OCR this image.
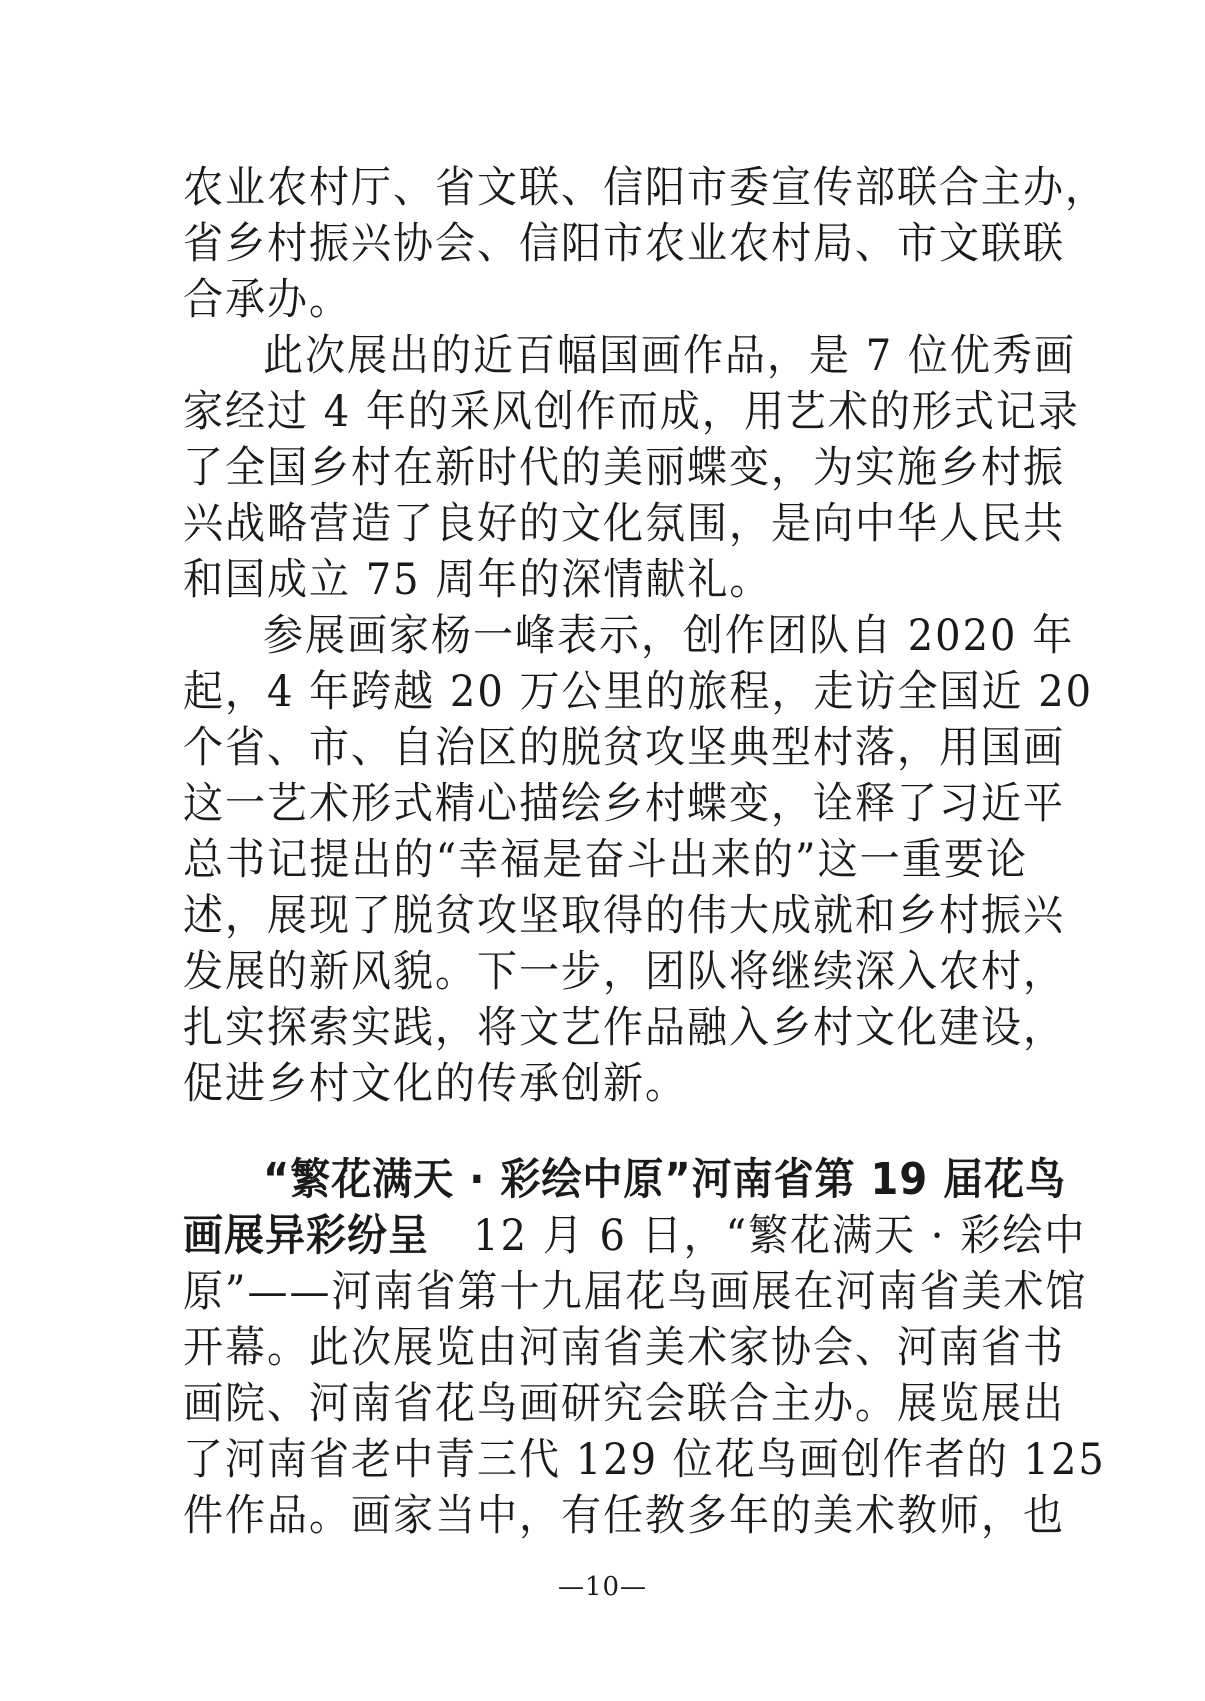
农业农村厅、省文联、信阳市委宣传部联合主办，
省乡村振兴协会、信阳市农业农村局、市文联联
合承办。
此次展出的近百幅国画作品，是 7 位优秀画
家经过 4 年的采风创作而成，用艺术的形式记录
了全国乡村在新时代的美丽蝶变，为实施乡村振
兴战略营造了良好的文化氛围，是向中华人民共
和国成立 75 周年的深情献礼。
参展画家杨一峰表示，创作团队自 2020 年
起，4 年跨越 20 万公里的旅程，走访全国近 20
个省、市、自治区的脱贫攻坚典型村落，用国画
这一艺术形式精心描绘乡村蝶变，诠释了习近平
总书记提出的“幸福是奋斗出来的”这一重要论
述，展现了脱贫攻坚取得的伟大成就和乡村振兴
发展的新风貌。下一步，团队将继续深入农村，
扎实探索实践，将文艺作品融入乡村文化建设，
促进乡村文化的传承创新。
“繁花满天 · 彩绘中原”河南省第 19 届花鸟
画展异彩纷呈 12 月 6 日，“繁花满天 · 彩绘中
原”——河南省第十九届花鸟画展在河南省美术馆
开幕。此次展览由河南省美术家协会、河南省书
画院、河南省花鸟画研究会联合主办。展览展出
了河南省老中青三代 129 位花鸟画创作者的 125
件作品。画家当中，有任教多年的美术教师，也
—10—
